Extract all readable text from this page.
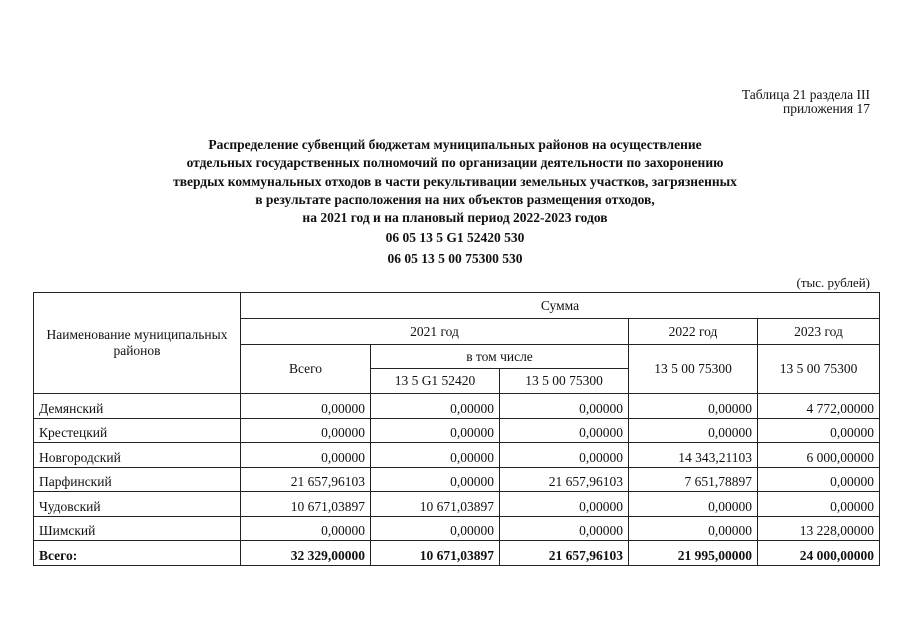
Таблица 21 раздела III
приложения 17
Распределение субвенций бюджетам муниципальных районов на осуществление
отдельных государственных полномочий по организации деятельности по захоронению
твердых коммунальных отходов в части рекультивации земельных участков, загрязненных
в результате расположения на них объектов размещения отходов,
на 2021 год и на плановый период 2022-2023 годов
06 05 13 5 G1 52420 530
06 05 13 5 00 75300 530
(тыс. рублей)
Наименование муниципальных районов	Сумма				
	2021 год			2022 год	2023 год
	Всего	в том числе		13 5 00 75300	13 5 00 75300
		13 5 G1 52420	13 5 00 75300		
Демянский	0,00000	0,00000	0,00000	0,00000	4 772,00000
Крестецкий	0,00000	0,00000	0,00000	0,00000	0,00000
Новгородский	0,00000	0,00000	0,00000	14 343,21103	6 000,00000
Парфинский	21 657,96103	0,00000	21 657,96103	7 651,78897	0,00000
Чудовский	10 671,03897	10 671,03897	0,00000	0,00000	0,00000
Шимский	0,00000	0,00000	0,00000	0,00000	13 228,00000
Всего:	32 329,00000	10 671,03897	21 657,96103	21 995,00000	24 000,00000
